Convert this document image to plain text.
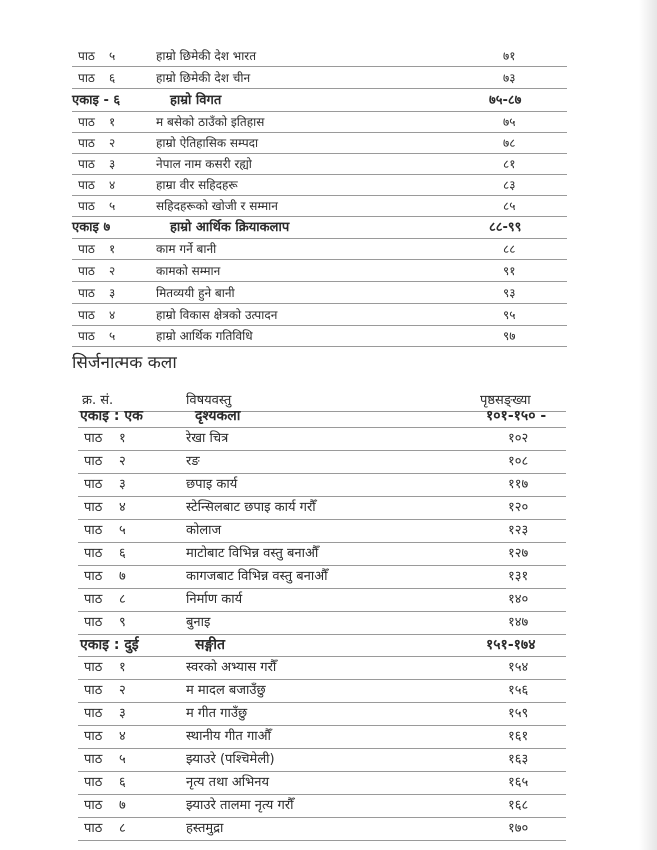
पाठ ५	हाम्रो छिमेकी देश भारत	७१
पाठ ६	हाम्रो छिमेकी देश चीन	७३
एकाइ - ६	हाम्रो विगत	७५-८७
पाठ १	म बसेको ठाउँको इतिहास	७५
पाठ २	हाम्रो ऐतिहासिक सम्पदा	७८
पाठ ३	नेपाल नाम कसरी रह्यो	८१
पाठ ४	हाम्रा वीर सहिदहरू	८३
पाठ ५	सहिदहरूको खोजी र सम्मान	८५
एकाइ ७	हाम्रो आर्थिक क्रियाकलाप	८८-९९
पाठ १	काम गर्ने बानी	८८
पाठ २	कामको सम्मान	९१
पाठ ३	मितव्ययी हुने बानी	९३
पाठ ४	हाम्रो विकास क्षेत्रको उत्पादन	९५
पाठ ५	हाम्रो आर्थिक गतिविधि	९७
सिर्जनात्मक कला
क्र. सं.	विषयवस्तु	पृष्ठसङ्ख्या
एकाइ : एक	दृश्यकला	१०१-१५० -
पाठ १	रेखा चित्र	१०२
पाठ २	रङ	१०८
पाठ ३	छपाइ कार्य	११७
पाठ ४	स्टेन्सिलबाट छपाइ कार्य गरौँ	१२०
पाठ ५	कोलाज	१२३
पाठ ६	माटोबाट विभिन्न वस्तु बनाऔँ	१२७
पाठ ७	कागजबाट विभिन्न वस्तु बनाऔँ	१३१
पाठ ८	निर्माण कार्य	१४०
पाठ ९	बुनाइ	१४७
एकाइ : दुई	सङ्गीत	१५१-१७४
पाठ १	स्वरको अभ्यास गरौँ	१५४
पाठ २	म मादल बजाउँछु	१५६
पाठ ३	म गीत गाउँछु	१५९
पाठ ४	स्थानीय गीत गाऔँ	१६१
पाठ ५	झ्याउरे (पश्चिमेली)	१६३
पाठ ६	नृत्य तथा अभिनय	१६५
पाठ ७	झ्याउरे तालमा नृत्य गरौँ	१६८
पाठ ८	हस्तमुद्रा	१७०
